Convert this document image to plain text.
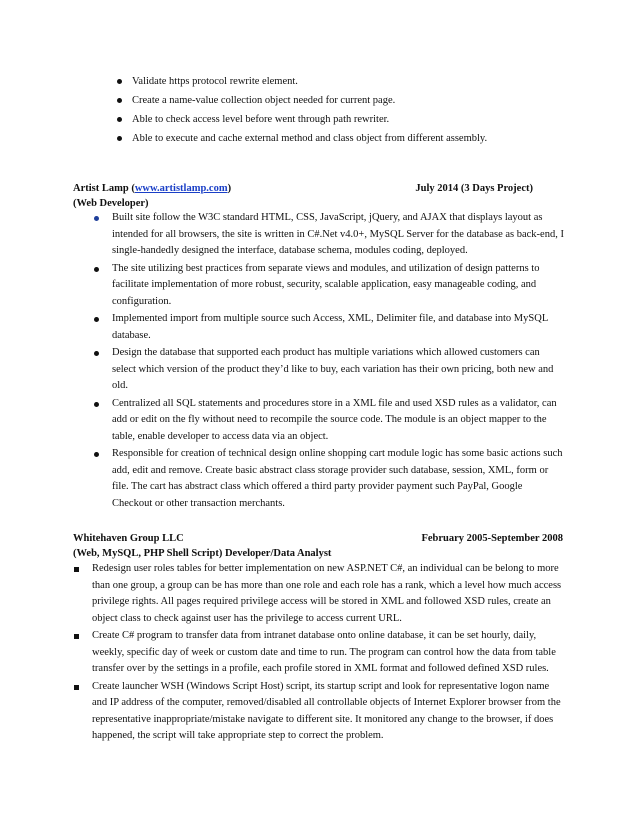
Validate https protocol rewrite element.
Create a name-value collection object needed for current page.
Able to check access level before went through path rewriter.
Able to execute and cache external method and class object from different assembly.
Artist Lamp (www.artistlamp.com)	July 2014 (3 Days Project)
(Web Developer)
Built site follow the W3C standard HTML, CSS, JavaScript, jQuery, and AJAX that displays layout as intended for all browsers, the site is written in C#.Net v4.0+, MySQL Server for the database as back-end, I single-handedly designed the interface, database schema, modules coding, deployed.
The site utilizing best practices from separate views and modules, and utilization of design patterns to facilitate implementation of more robust, security, scalable application, easy manageable coding, and configuration.
Implemented import from multiple source such Access, XML, Delimiter file, and database into MySQL database.
Design the database that supported each product has multiple variations which allowed customers can select which version of the product they’d like to buy, each variation has their own pricing, both new and old.
Centralized all SQL statements and procedures store in a XML file and used XSD rules as a validator, can add or edit on the fly without need to recompile the source code. The module is an object mapper to the table, enable developer to access data via an object.
Responsible for creation of technical design online shopping cart module logic has some basic actions such add, edit and remove. Create basic abstract class storage provider such database, session, XML, form or file. The cart has abstract class which offered a third party provider payment such PayPal, Google Checkout or other transaction merchants.
Whitehaven Group LLC	February 2005-September 2008
(Web, MySQL, PHP Shell Script) Developer/Data Analyst
Redesign user roles tables for better implementation on new ASP.NET C#, an individual can be belong to more than one group, a group can be has more than one role and each role has a rank, which a level how much access privilege rights. All pages required privilege access will be stored in XML and followed XSD rules, create an object class to check against user has the privilege to access current URL.
Create C# program to transfer data from intranet database onto online database, it can be set hourly, daily, weekly, specific day of week or custom date and time to run. The program can control how the data from table transfer over by the settings in a profile, each profile stored in XML format and followed defined XSD rules.
Create launcher WSH (Windows Script Host) script, its startup script and look for representative logon name and IP address of the computer, removed/disabled all controllable objects of Internet Explorer browser from the representative inappropriate/mistake navigate to different site. It monitored any change to the browser, if does happened, the script will take appropriate step to correct the problem.
